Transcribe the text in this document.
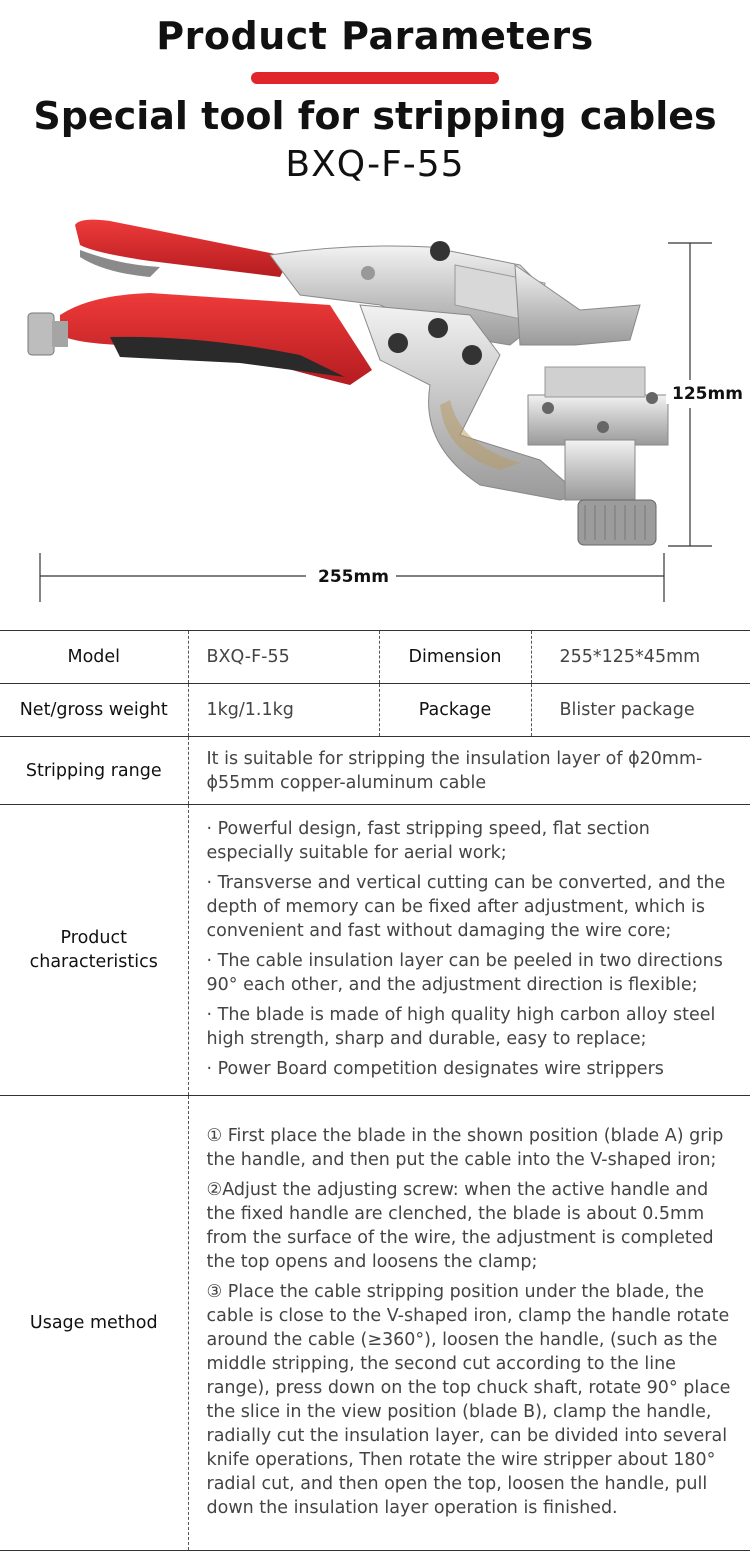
Product Parameters
Special tool for stripping cables
BXQ-F-55
125mm
255mm
Model	BXQ-F-55	Dimension	255*125*45mm
Net/gross weight	1kg/1.1kg	Package	Blister package
Stripping range	It is suitable for stripping the insulation layer of ϕ20mm-ϕ55mm copper-aluminum cable		
Product characteristics	· Powerful design, fast stripping speed, flat section especially suitable for aerial work;
· Transverse and vertical cutting can be converted, and the depth of memory can be fixed after adjustment, which is convenient and fast without damaging the wire core;
· The cable insulation layer can be peeled in two directions 90° each other, and the adjustment direction is flexible;
· The blade is made of high quality high carbon alloy steel high strength, sharp and durable, easy to replace;
· Power Board competition designates wire strippers		

Usage method	① First place the blade in the shown position (blade A) grip the handle, and then put the cable into the V-shaped iron;
②Adjust the adjusting screw: when the active handle and the fixed handle are clenched, the blade is about 0.5mm from the surface of the wire, the adjustment is completed the top opens and loosens the clamp;
③ Place the cable stripping position under the blade, the cable is close to the V-shaped iron, clamp the handle rotate around the cable (≥360°), loosen the handle, (such as the middle stripping, the second cut according to the line range), press down on the top chuck shaft, rotate 90° place the slice in the view position (blade B), clamp the handle, radially cut the insulation layer, can be divided into several knife operations, Then rotate the wire stripper about 180° radial cut, and then open the top, loosen the handle, pull down the insulation layer operation is finished.		
